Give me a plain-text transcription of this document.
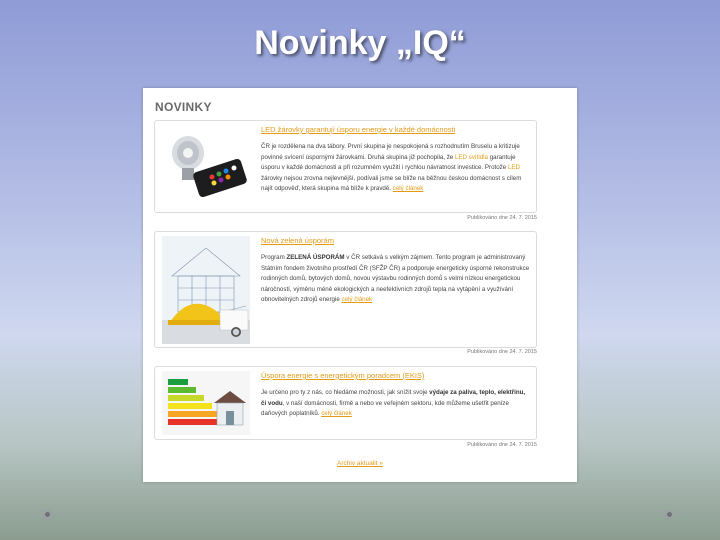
Novinky „IQ“
NOVINKY
LED žárovky garantují úsporu energie v každé domácnosti
ČR je rozdělena na dva tábory. První skupina je nespokojená s rozhodnutím Bruselu a kritizuje povinné svícení úspornými žárovkami. Druhá skupina již pochopila, že LED svítidla garantuje úsporu v každé domácnosti a při rozumném využití i rychlou návratnost investice. Protože LED žárovky nejsou zrovna nejlevnější, podívali jsme se blíže na běžnou českou domácnost s cílem najít odpověď, která skupina má blíže k pravdě. celý článek
Publikováno dne 24. 7. 2015
Nová zelená úsporám
Program ZELENÁ ÚSPORÁM v ČR setkává s velkým zájmem. Tento program je administrovaný Státním fondem životního prostředí ČR (SFŽP ČR) a podporuje energeticky úsporné rekonstrukce rodinných domů, bytových domů, novou výstavbu rodinných domů s velmi nízkou energetickou náročností, výměnu méně ekologických a neefektivních zdrojů tepla na vytápění a využívání obnovitelných zdrojů energie celý článek
Publikováno dne 24. 7. 2015
Úspora energie s energetickým poradcem (EKIS)
Je určeno pro ty z nás, co hledáme možnosti, jak snížit svoje výdaje za paliva, teplo, elektřinu, či vodu, v naší domácnosti, firmě a nebo ve veřejném sektoru, kde můžeme ušetřit peníze daňových poplatníků. celý článek
Publikováno dne 24. 7. 2015
Archiv aktualit »
